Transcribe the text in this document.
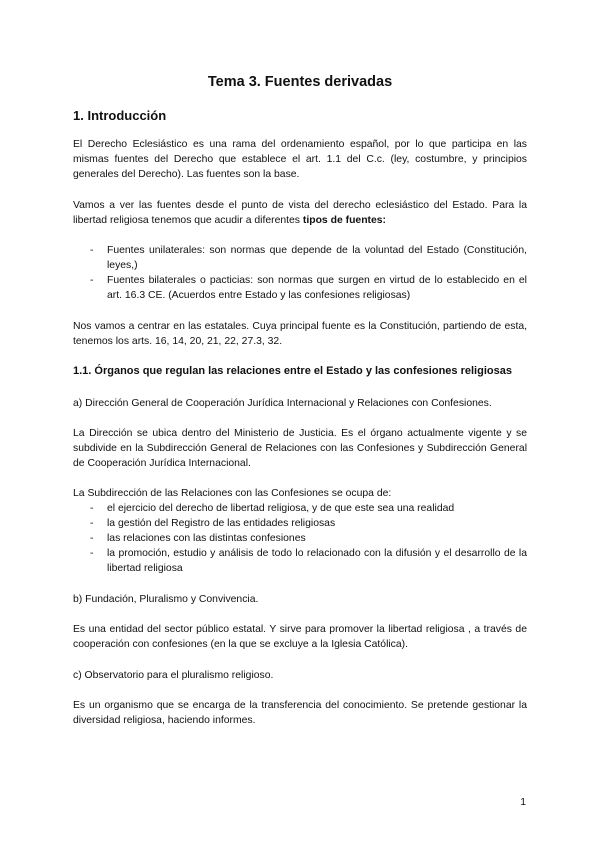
Tema 3. Fuentes derivadas
1. Introducción

El Derecho Eclesiástico es una rama del ordenamiento español, por lo que participa en las mismas fuentes del Derecho que establece el art. 1.1 del C.c. (ley, costumbre, y principios generales del Derecho). Las fuentes son la base.

Vamos a ver las fuentes desde el punto de vista del derecho eclesiástico del Estado. Para la libertad religiosa tenemos que acudir a diferentes tipos de fuentes:

- Fuentes unilaterales: son normas que depende de la voluntad del Estado (Constitución, leyes,)
- Fuentes bilaterales o pacticias: son normas que surgen en virtud de lo establecido en el art. 16.3 CE. (Acuerdos entre Estado y las confesiones religiosas)

Nos vamos a centrar en las estatales. Cuya principal fuente es la Constitución, partiendo de esta, tenemos los arts. 16, 14, 20, 21, 22, 27.3, 32.

1.1. Órganos que regulan las relaciones entre el Estado y las confesiones religiosas

a) Dirección General de Cooperación Jurídica Internacional y Relaciones con Confesiones.

La Dirección se ubica dentro del Ministerio de Justicia. Es el órgano actualmente vigente y se subdivide en la Subdirección General de Relaciones con las Confesiones y Subdirección General de Cooperación Jurídica Internacional.

La Subdirección de las Relaciones con las Confesiones se ocupa de:

- el ejercicio del derecho de libertad religiosa, y de que este sea una realidad
- la gestión del Registro de las entidades religiosas
- las relaciones con las distintas confesiones
- la promoción, estudio y análisis de todo lo relacionado con la difusión y el desarrollo de la libertad religiosa

b) Fundación, Pluralismo y Convivencia.

Es una entidad del sector público estatal. Y sirve para promover la libertad religiosa , a través de cooperación con confesiones (en la que se excluye a la Iglesia Católica).

c) Observatorio para el pluralismo religioso.

Es un organismo que se encarga de la transferencia del conocimiento. Se pretende gestionar la diversidad religiosa, haciendo informes.

1
